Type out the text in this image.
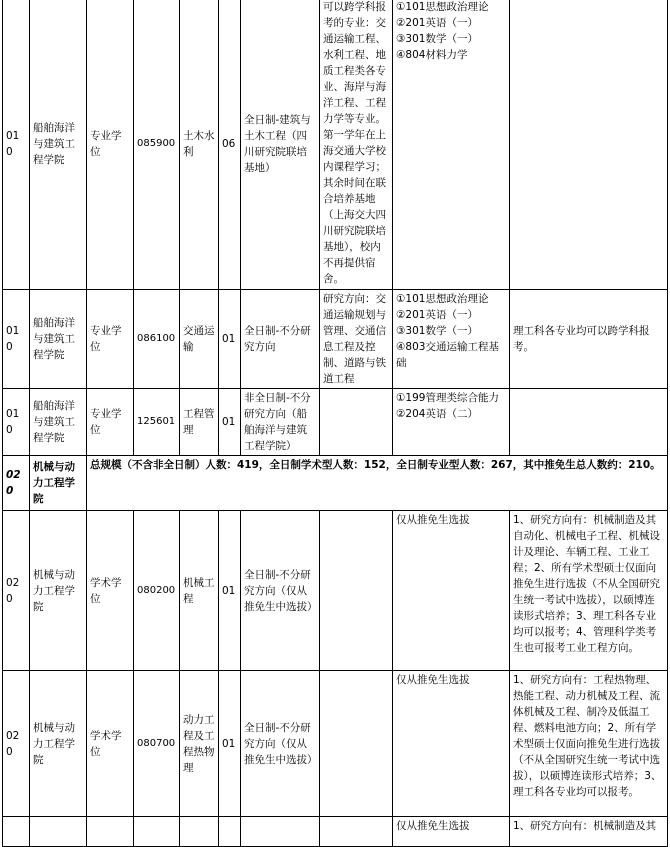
010	船舶海洋与建筑工程学院	专业学位	085900	土木水利	06	全日制-建筑与土木工程（四川研究院联培基地）	可以跨学科报考的专业：交通运输工程、水利工程、地质工程类各专业、海岸与海洋工程、工程力学等专业。第一学年在上海交通大学校内课程学习；其余时间在联合培养基地（上海交大四川研究院联培基地），校内不再提供宿舍。	①101思想政治理论
②201英语（一）
③301数学（一）
④804材料力学	
010	船舶海洋与建筑工程学院	专业学位	086100	交通运输	01	全日制-不分研究方向	研究方向：交通运输规划与管理、交通信息工程及控制、道路与铁道工程	①101思想政治理论
②201英语（一）
③301数学（一）
④803交通运输工程基础	理工科各专业均可以跨学科报考。
010	船舶海洋与建筑工程学院	专业学位	125601	工程管理	01	非全日制-不分研究方向（船舶海洋与建筑工程学院）		①199管理类综合能力
②204英语（二）	
020	机械与动力工程学院	总规模（不含非全日制）人数：419，全日制学术型人数：152，全日制专业型人数：267，其中推免生总人数约：210。							
020	机械与动力工程学院	学术学位	080200	机械工程	01	全日制-不分研究方向（仅从推免生中选拔）		仅从推免生选拔	1、研究方向有：机械制造及其自动化、机械电子工程、机械设计及理论、车辆工程、工业工程；2、所有学术型硕士仅面向推免生进行选拔（不从全国研究生统一考试中选拔），以硕博连读形式培养；3、理工科各专业均可以报考；4、管理科学类考生也可报考工业工程方向。
020	机械与动力工程学院	学术学位	080700	动力工程及工程热物理	01	全日制-不分研究方向（仅从推免生中选拔）		仅从推免生选拔	1、研究方向有：工程热物理、热能工程、动力机械及工程、流体机械及工程、制冷及低温工程、燃料电池方向；2、所有学术型硕士仅面向推免生进行选拔（不从全国研究生统一考试中选拔），以硕博连读形式培养；3、理工科各专业均可以报考。
								仅从推免生选拔	1、研究方向有：机械制造及其
